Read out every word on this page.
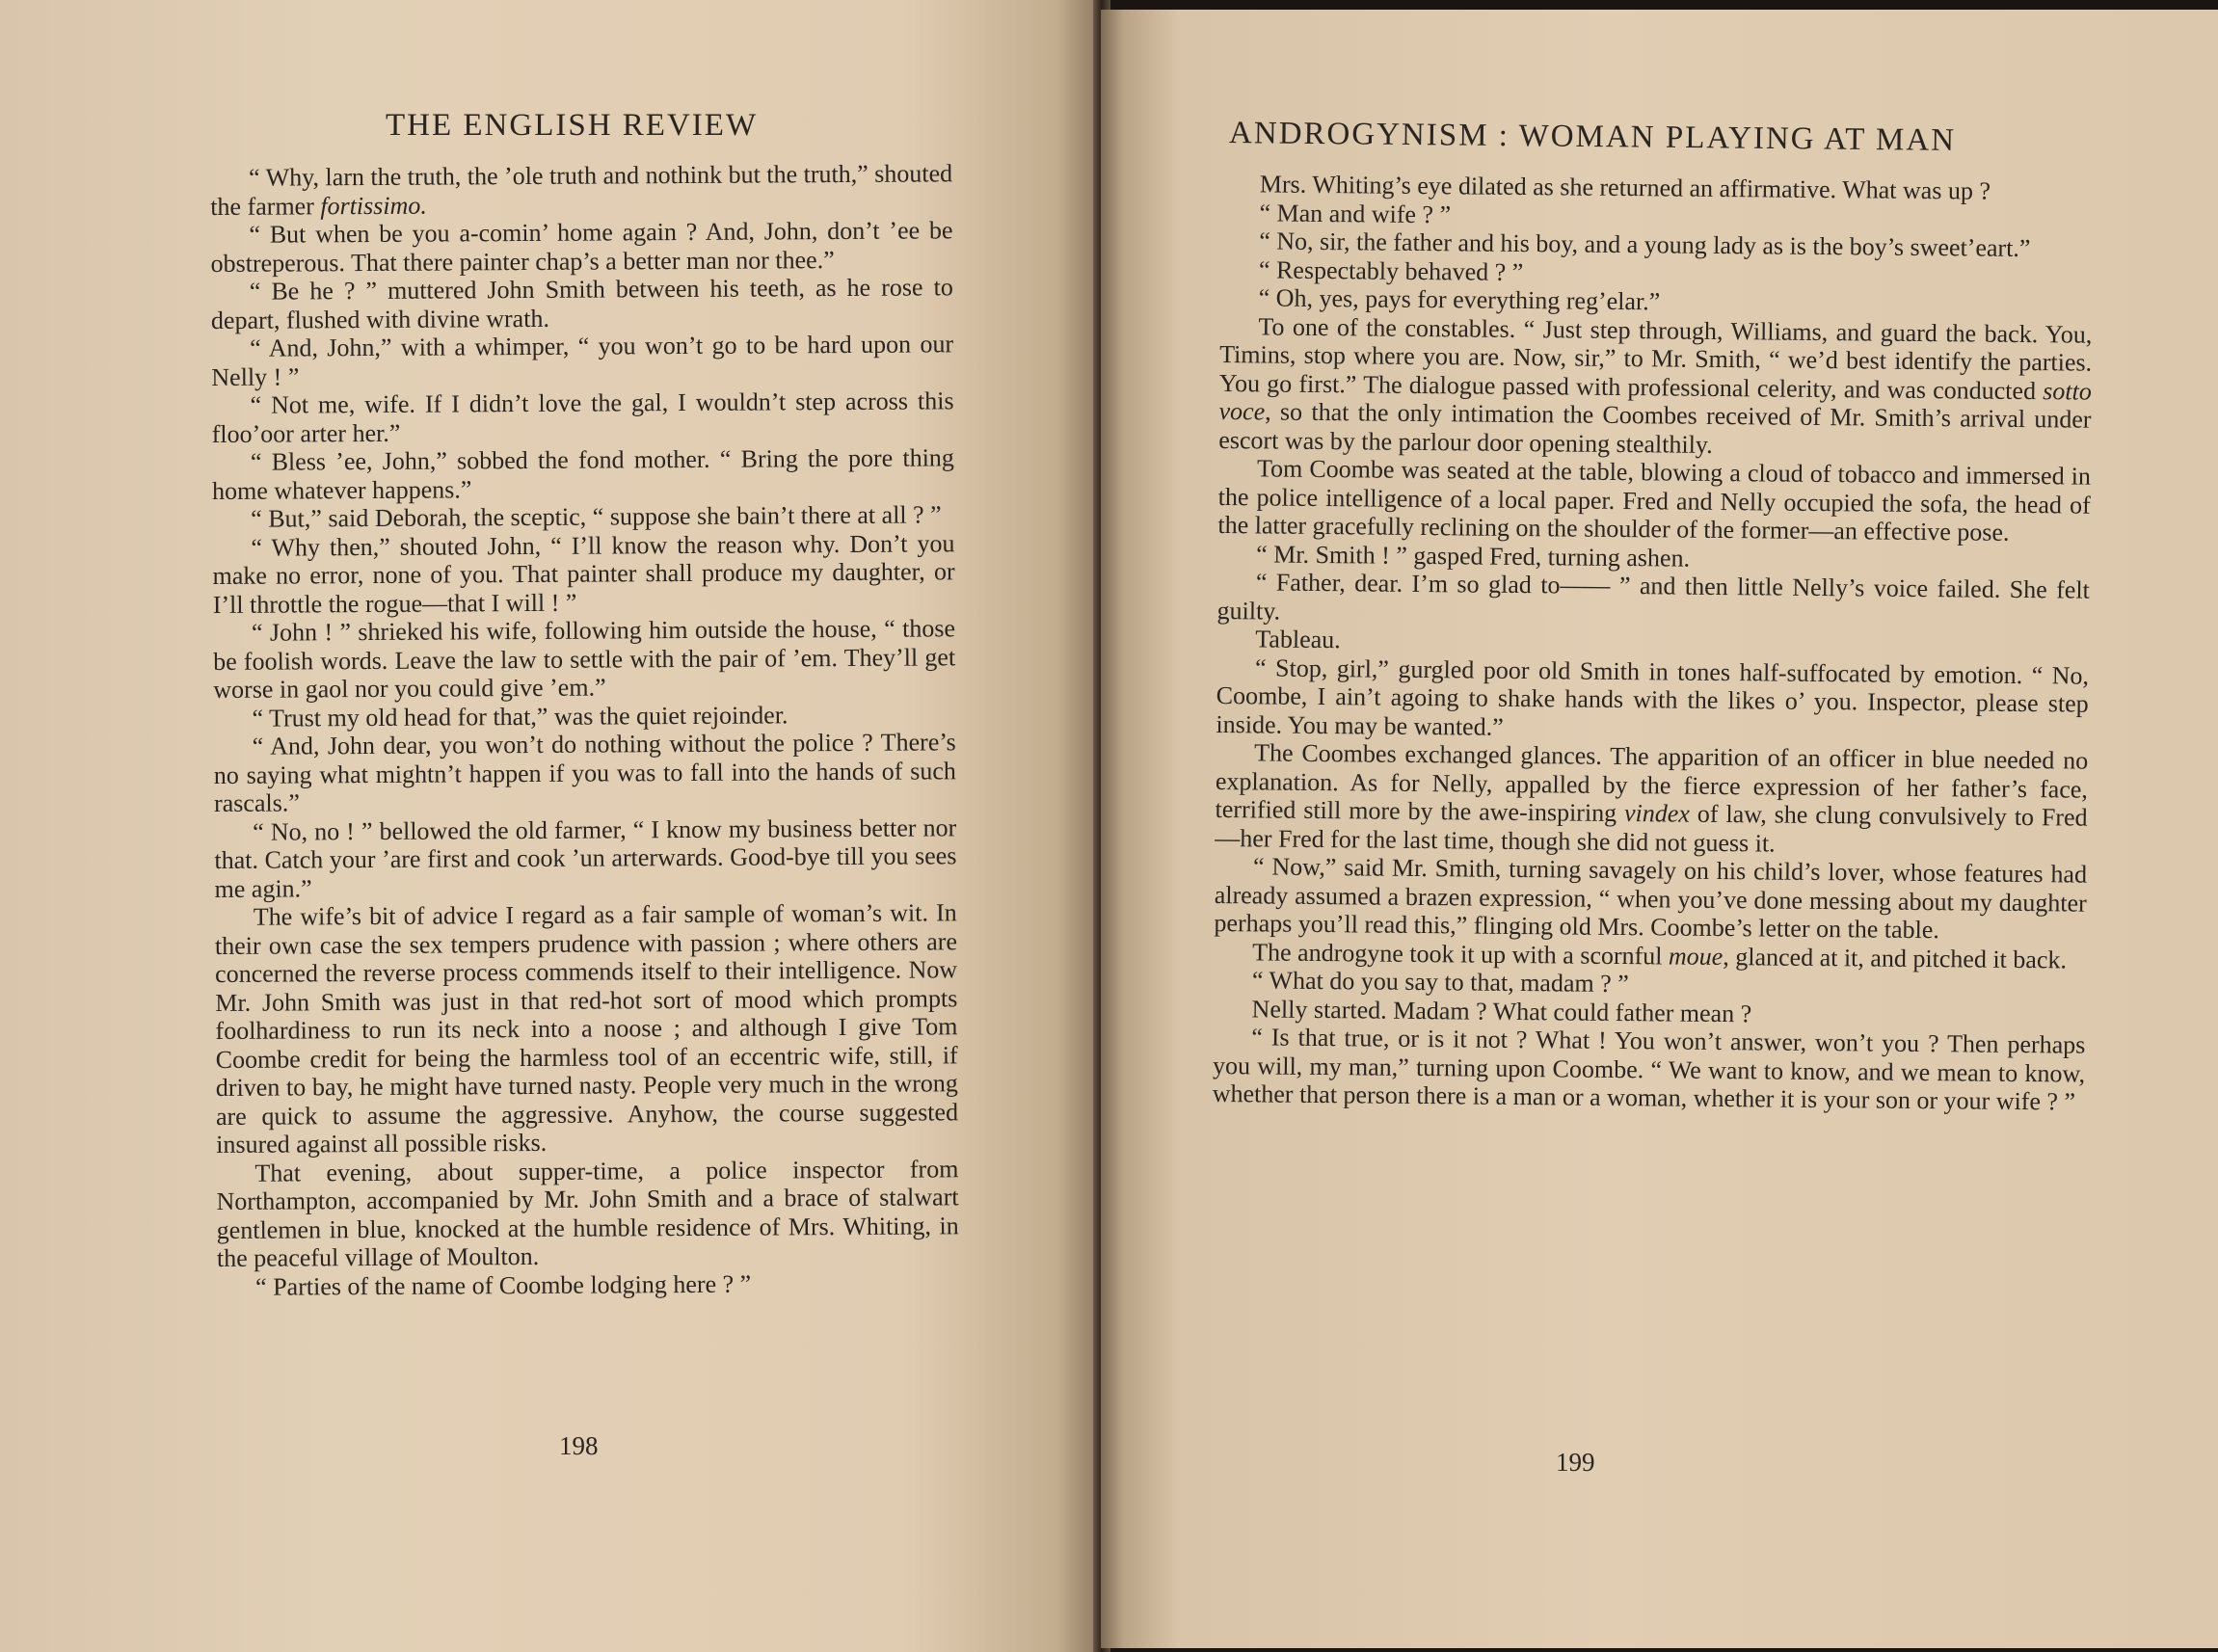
THE ENGLISH REVIEW

“ Why, larn the truth, the ’ole truth and nothink but the truth,” shouted the farmer fortissimo.

“ But when be you a-comin’ home again ? And, John, don’t ’ee be obstreperous. That there painter chap’s a better man nor thee.”

“ Be he ? ” muttered John Smith between his teeth, as he rose to depart, flushed with divine wrath.

“ And, John,” with a whimper, “ you won’t go to be hard upon our Nelly ! ”

“ Not me, wife. If I didn’t love the gal, I wouldn’t step across this floo’oor arter her.”

“ Bless ’ee, John,” sobbed the fond mother. “ Bring the pore thing home whatever happens.”

“ But,” said Deborah, the sceptic, “ suppose she bain’t there at all ? ”

“ Why then,” shouted John, “ I’ll know the reason why. Don’t you make no error, none of you. That painter shall produce my daughter, or I’ll throttle the rogue—that I will ! ”

“ John ! ” shrieked his wife, following him outside the house, “ those be foolish words. Leave the law to settle with the pair of ’em. They’ll get worse in gaol nor you could give ’em.”

“ Trust my old head for that,” was the quiet rejoinder.

“ And, John dear, you won’t do nothing without the police ? There’s no saying what mightn’t happen if you was to fall into the hands of such rascals.”

“ No, no ! ” bellowed the old farmer, “ I know my business better nor that. Catch your ’are first and cook ’un arterwards. Good-bye till you sees me agin.”

The wife’s bit of advice I regard as a fair sample of woman’s wit. In their own case the sex tempers prudence with passion ; where others are concerned the reverse process commends itself to their intelligence. Now Mr. John Smith was just in that red-hot sort of mood which prompts foolhardiness to run its neck into a noose ; and although I give Tom Coombe credit for being the harmless tool of an eccentric wife, still, if driven to bay, he might have turned nasty. People very much in the wrong are quick to assume the aggressive. Anyhow, the course suggested insured against all possible risks.

That evening, about supper-time, a police inspector from Northampton, accompanied by Mr. John Smith and a brace of stalwart gentlemen in blue, knocked at the humble residence of Mrs. Whiting, in the peaceful village of Moulton.

“ Parties of the name of Coombe lodging here ? ”

198
ANDROGYNISM : WOMAN PLAYING AT MAN

Mrs. Whiting’s eye dilated as she returned an affirmative. What was up ?

“ Man and wife ? ”

“ No, sir, the father and his boy, and a young lady as is the boy’s sweet’eart.”

“ Respectably behaved ? ”

“ Oh, yes, pays for everything reg’elar.”

To one of the constables. “ Just step through, Williams, and guard the back. You, Timins, stop where you are. Now, sir,” to Mr. Smith, “ we’d best identify the parties. You go first.” The dialogue passed with professional celerity, and was conducted sotto voce, so that the only intimation the Coombes received of Mr. Smith’s arrival under escort was by the parlour door opening stealthily.

Tom Coombe was seated at the table, blowing a cloud of tobacco and immersed in the police intelligence of a local paper. Fred and Nelly occupied the sofa, the head of the latter gracefully reclining on the shoulder of the former—an effective pose.

“ Mr. Smith ! ” gasped Fred, turning ashen.

“ Father, dear. I’m so glad to—— ” and then little Nelly’s voice failed. She felt guilty.

Tableau.

“ Stop, girl,” gurgled poor old Smith in tones half-suffocated by emotion. “ No, Coombe, I ain’t agoing to shake hands with the likes o’ you. Inspector, please step inside. You may be wanted.”

The Coombes exchanged glances. The apparition of an officer in blue needed no explanation. As for Nelly, appalled by the fierce expression of her father’s face, terrified still more by the awe-inspiring vindex of law, she clung convulsively to Fred—her Fred for the last time, though she did not guess it.

“ Now,” said Mr. Smith, turning savagely on his child’s lover, whose features had already assumed a brazen expression, “ when you’ve done messing about my daughter perhaps you’ll read this,” flinging old Mrs. Coombe’s letter on the table.

The androgyne took it up with a scornful moue, glanced at it, and pitched it back.

“ What do you say to that, madam ? ”

Nelly started. Madam ? What could father mean ?

“ Is that true, or is it not ? What ! You won’t answer, won’t you ? Then perhaps you will, my man,” turning upon Coombe. “ We want to know, and we mean to know, whether that person there is a man or a woman, whether it is your son or your wife ? ”

199
